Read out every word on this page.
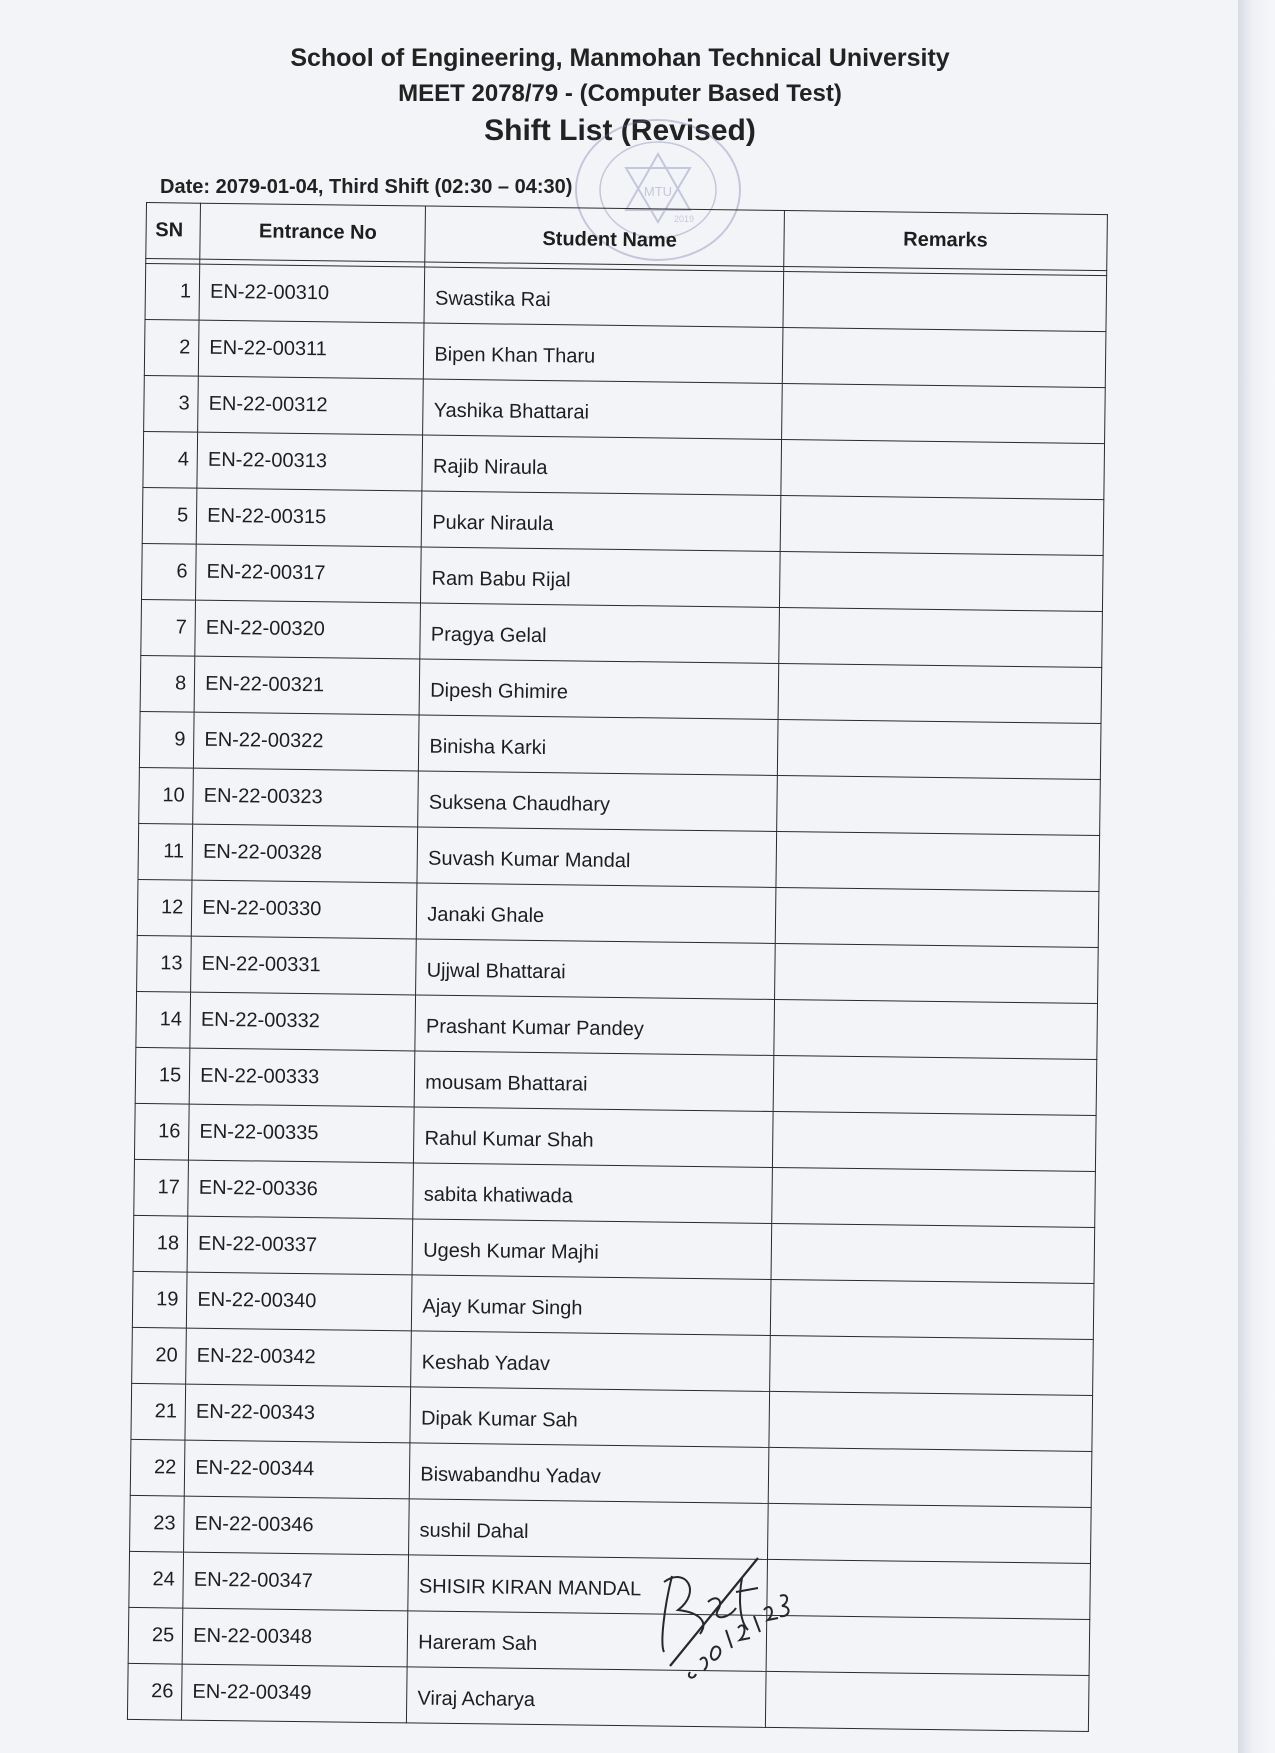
School of Engineering, Manmohan Technical University
MEET 2078/79 - (Computer Based Test)
Shift List (Revised)
MTU
2019
Date: 2079-01-04, Third Shift (02:30 – 04:30)
SN	Entrance No	Student Name	Remarks

1	EN-22-00310	Swastika Rai	
2	EN-22-00311	Bipen Khan Tharu	
3	EN-22-00312	Yashika Bhattarai	
4	EN-22-00313	Rajib Niraula	
5	EN-22-00315	Pukar Niraula	
6	EN-22-00317	Ram Babu Rijal	
7	EN-22-00320	Pragya Gelal	
8	EN-22-00321	Dipesh Ghimire	
9	EN-22-00322	Binisha Karki	
10	EN-22-00323	Suksena Chaudhary	
11	EN-22-00328	Suvash Kumar Mandal	
12	EN-22-00330	Janaki Ghale	
13	EN-22-00331	Ujjwal Bhattarai	
14	EN-22-00332	Prashant Kumar Pandey	
15	EN-22-00333	mousam Bhattarai	
16	EN-22-00335	Rahul Kumar Shah	
17	EN-22-00336	sabita khatiwada	
18	EN-22-00337	Ugesh Kumar Majhi	
19	EN-22-00340	Ajay Kumar Singh	
20	EN-22-00342	Keshab Yadav	
21	EN-22-00343	Dipak Kumar Sah	
22	EN-22-00344	Biswabandhu Yadav	
23	EN-22-00346	sushil Dahal	
24	EN-22-00347	SHISIR KIRAN MANDAL	
25	EN-22-00348	Hareram Sah	
26	EN-22-00349	Viraj Acharya	
